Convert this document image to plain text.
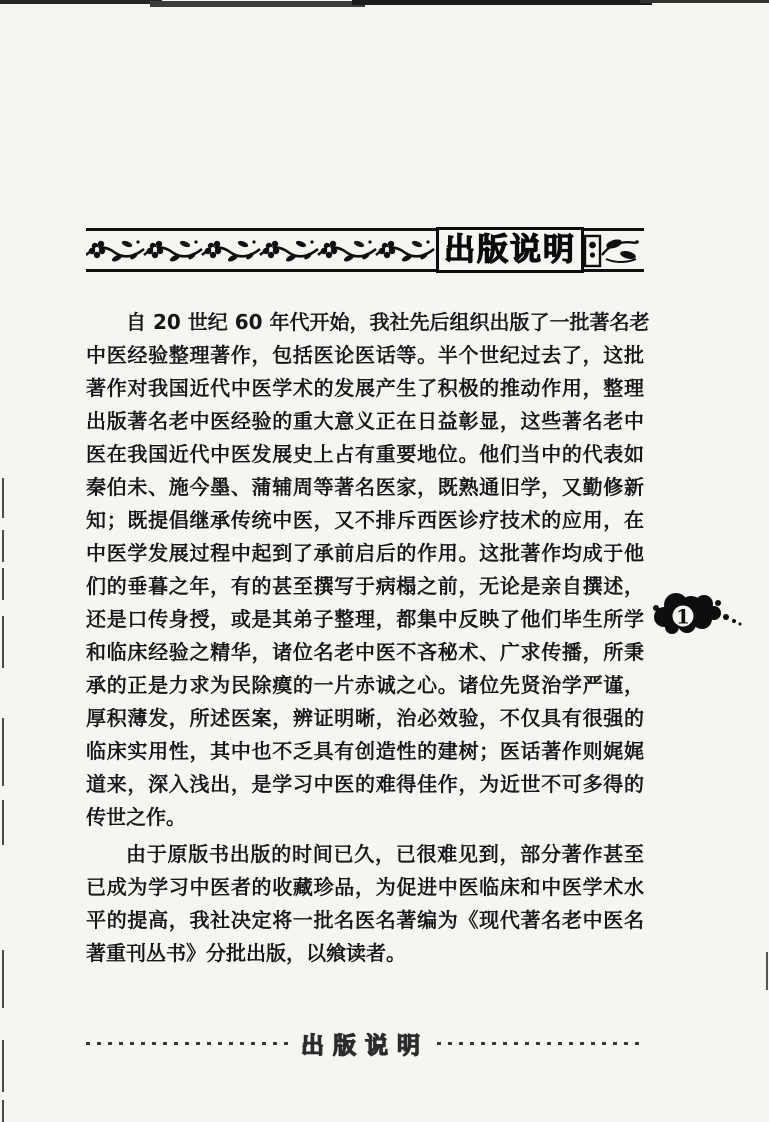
出版说明
自 20 世纪 60 年代开始，我社先后组织出版了一批著名老
中医经验整理著作，包括医论医话等。半个世纪过去了，这批
著作对我国近代中医学术的发展产生了积极的推动作用，整理
出版著名老中医经验的重大意义正在日益彰显，这些著名老中
医在我国近代中医发展史上占有重要地位。他们当中的代表如
秦伯未、施今墨、蒲辅周等著名医家，既熟通旧学，又勤修新
知；既提倡继承传统中医，又不排斥西医诊疗技术的应用，在
中医学发展过程中起到了承前启后的作用。这批著作均成于他
们的垂暮之年，有的甚至撰写于病榻之前，无论是亲自撰述，
还是口传身授，或是其弟子整理，都集中反映了他们毕生所学
和临床经验之精华，诸位名老中医不吝秘术、广求传播，所秉
承的正是力求为民除瘼的一片赤诚之心。诸位先贤治学严谨，
厚积薄发，所述医案，辨证明晰，治必效验，不仅具有很强的
临床实用性，其中也不乏具有创造性的建树；医话著作则娓娓
道来，深入浅出，是学习中医的难得佳作，为近世不可多得的
传世之作。
由于原版书出版的时间已久，已很难见到，部分著作甚至
已成为学习中医者的收藏珍品，为促进中医临床和中医学术水
平的提高，我社决定将一批名医名著编为《现代著名老中医名
著重刊丛书》分批出版，以飨读者。
1
出版说明
